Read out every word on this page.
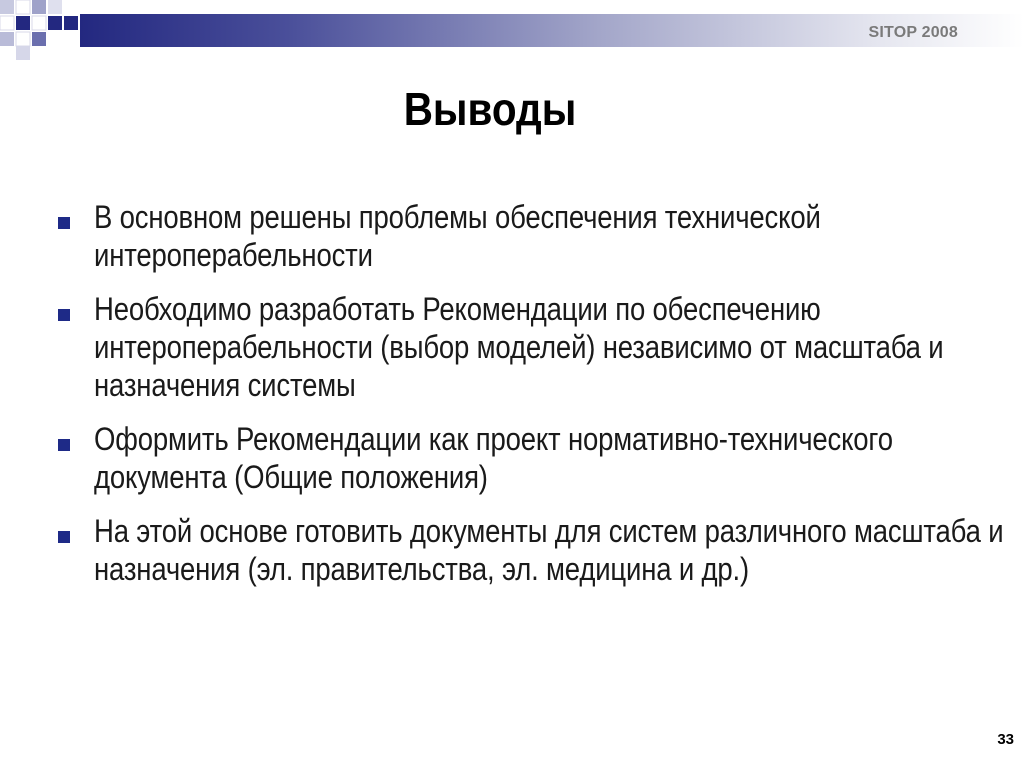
SITOP 2008
Выводы
В основном решены проблемы обеспечения технической интероперабельности
Необходимо разработать Рекомендации по обеспечению интероперабельности (выбор моделей) независимо от масштаба и назначения системы
Оформить Рекомендации как проект нормативно-технического документа (Общие положения)
На этой основе готовить документы для систем различного масштаба и назначения (эл. правительства, эл. медицина и др.)
33
